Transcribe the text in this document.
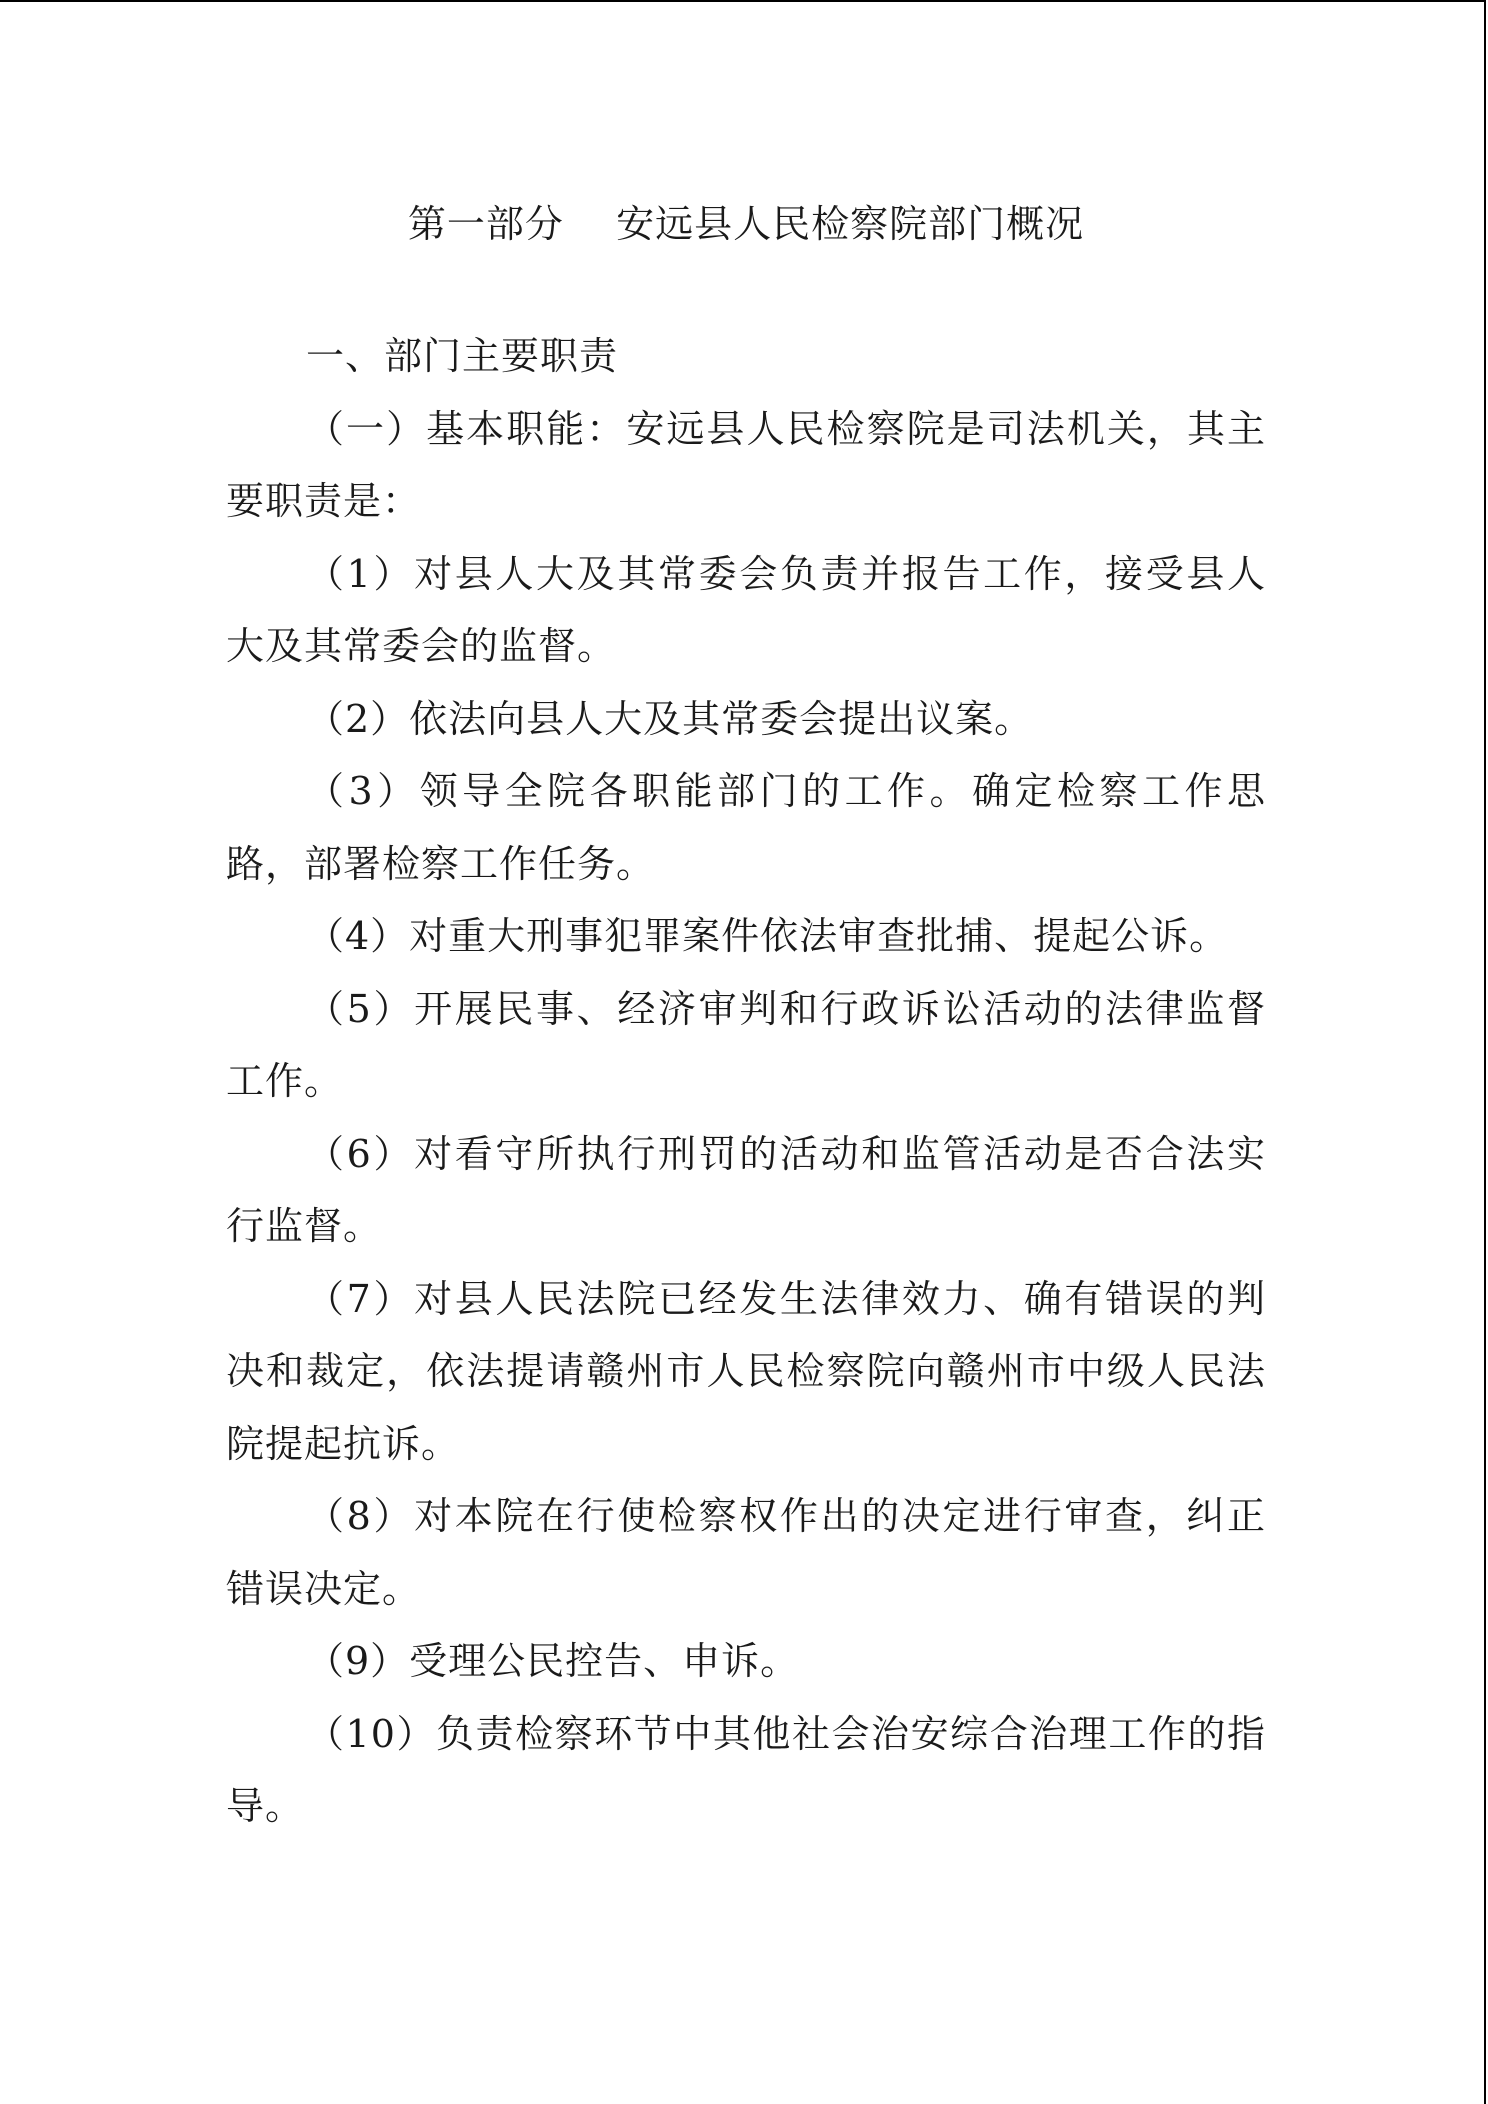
第一部分    安远县人民检察院部门概况

一、部门主要职责

（一）基本职能：安远县人民检察院是司法机关，其主要职责是：

（1）对县人大及其常委会负责并报告工作，接受县人大及其常委会的监督。

（2）依法向县人大及其常委会提出议案。

（3）领导全院各职能部门的工作。确定检察工作思路，部署检察工作任务。

（4）对重大刑事犯罪案件依法审查批捕、提起公诉。

（5）开展民事、经济审判和行政诉讼活动的法律监督工作。

（6）对看守所执行刑罚的活动和监管活动是否合法实行监督。

（7）对县人民法院已经发生法律效力、确有错误的判决和裁定，依法提请赣州市人民检察院向赣州市中级人民法院提起抗诉。

（8）对本院在行使检察权作出的决定进行审查，纠正错误决定。

（9）受理公民控告、申诉。

（10）负责检察环节中其他社会治安综合治理工作的指导。
